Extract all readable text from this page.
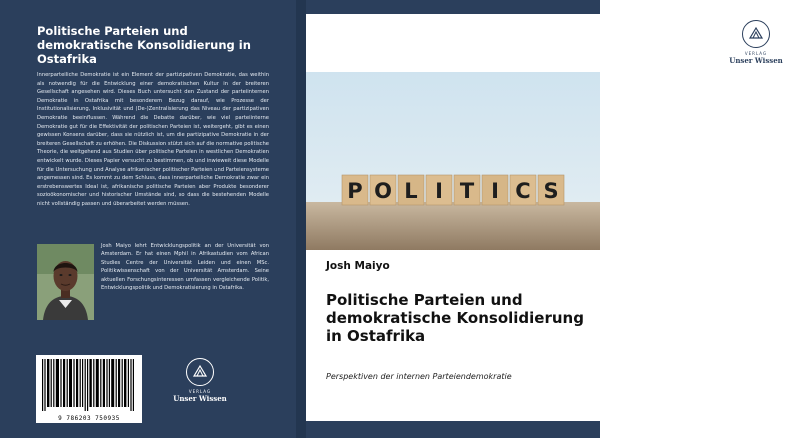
Politische Parteien und demokratische Konsolidierung in Ostafrika

Innerparteiliche Demokratie ist ein Element der partizipativen Demokratie, das weithin als notwendig für die Entwicklung einer demokratischen Kultur in der breiteren Gesellschaft angesehen wird. Dieses Buch untersucht den Zustand der parteiinternen Demokratie in Ostafrika mit besonderem Bezug darauf, wie Prozesse der Institutionalisierung, Inklusivität und (De-)Zentralisierung das Niveau der partizipativen Demokratie beeinflussen. Während die Debatte darüber, wie viel parteiinterne Demokratie gut für die Effektivität der politischen Parteien ist, weitergeht, gibt es einen gewissen Konsens darüber, dass sie nützlich ist, um die partizipative Demokratie in der breiteren Gesellschaft zu erhöhen. Die Diskussion stützt sich auf die normative politische Theorie, die weitgehend aus Studien über politische Parteien in westlichen Demokratien entwickelt wurde. Dieses Papier versucht zu bestimmen, ob und inwieweit diese Modelle für die Untersuchung und Analyse afrikanischer politischer Parteien und Parteiensysteme angemessen sind. Es kommt zu dem Schluss, dass innerparteiliche Demokratie zwar ein erstrebenswertes Ideal ist, afrikanische politische Parteien aber Produkte besonderer sozioökonomischer und historischer Umstände sind, so dass die bestehenden Modelle nicht vollständig passen und überarbeitet werden müssen.

Josh Maiyo lehrt Entwicklungspolitik an der Universität von Amsterdam. Er hat einen Mphil in Afrikastudien vom African Studies Centre der Universität Leiden und einen MSc. Politikwissenschaft von der Universität Amsterdam. Seine aktuellen Forschungsinteressen umfassen vergleichende Politik, Entwicklungspolitik und Demokratisierung in Ostafrika.

9 786203 750935
VERLAG
Unser Wissen
VERLAG
Unser Wissen
P O L I T I C S
Josh Maiyo
Politische Parteien und demokratische Konsolidierung in Ostafrika
Perspektiven der internen Parteiendemokratie
